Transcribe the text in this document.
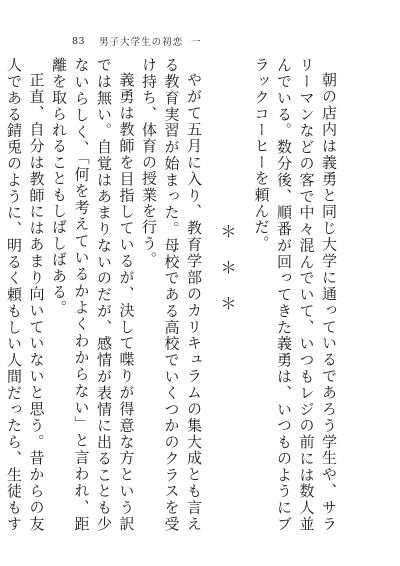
83 男子大学生の初恋 一

朝の店内は義勇と同じ大学に通っているであろう学生や、サラリーマンなどの客で中々混んでいて、いつもレジの前には数人並んでいる。数分後、順番が回ってきた義勇は、いつものようにブラックコーヒーを頼んだ。

＊＊＊

やがて五月に入り、教育学部のカリキュラムの集大成とも言える教育実習が始まった。母校である高校でいくつかのクラスを受け持ち、体育の授業を行う。

義勇は教師を目指しているが、決して喋りが得意な方という訳では無い。自覚はあまりないのだが、感情が表情に出ることも少ないらしく、「何を考えているかよくわからない」と言われ、距離を取られることもしばしばある。

正直、自分は教師にはあまり向いていないと思う。昔からの友人である錆兎のように、明るく頼もしい人間だったら、生徒もす
